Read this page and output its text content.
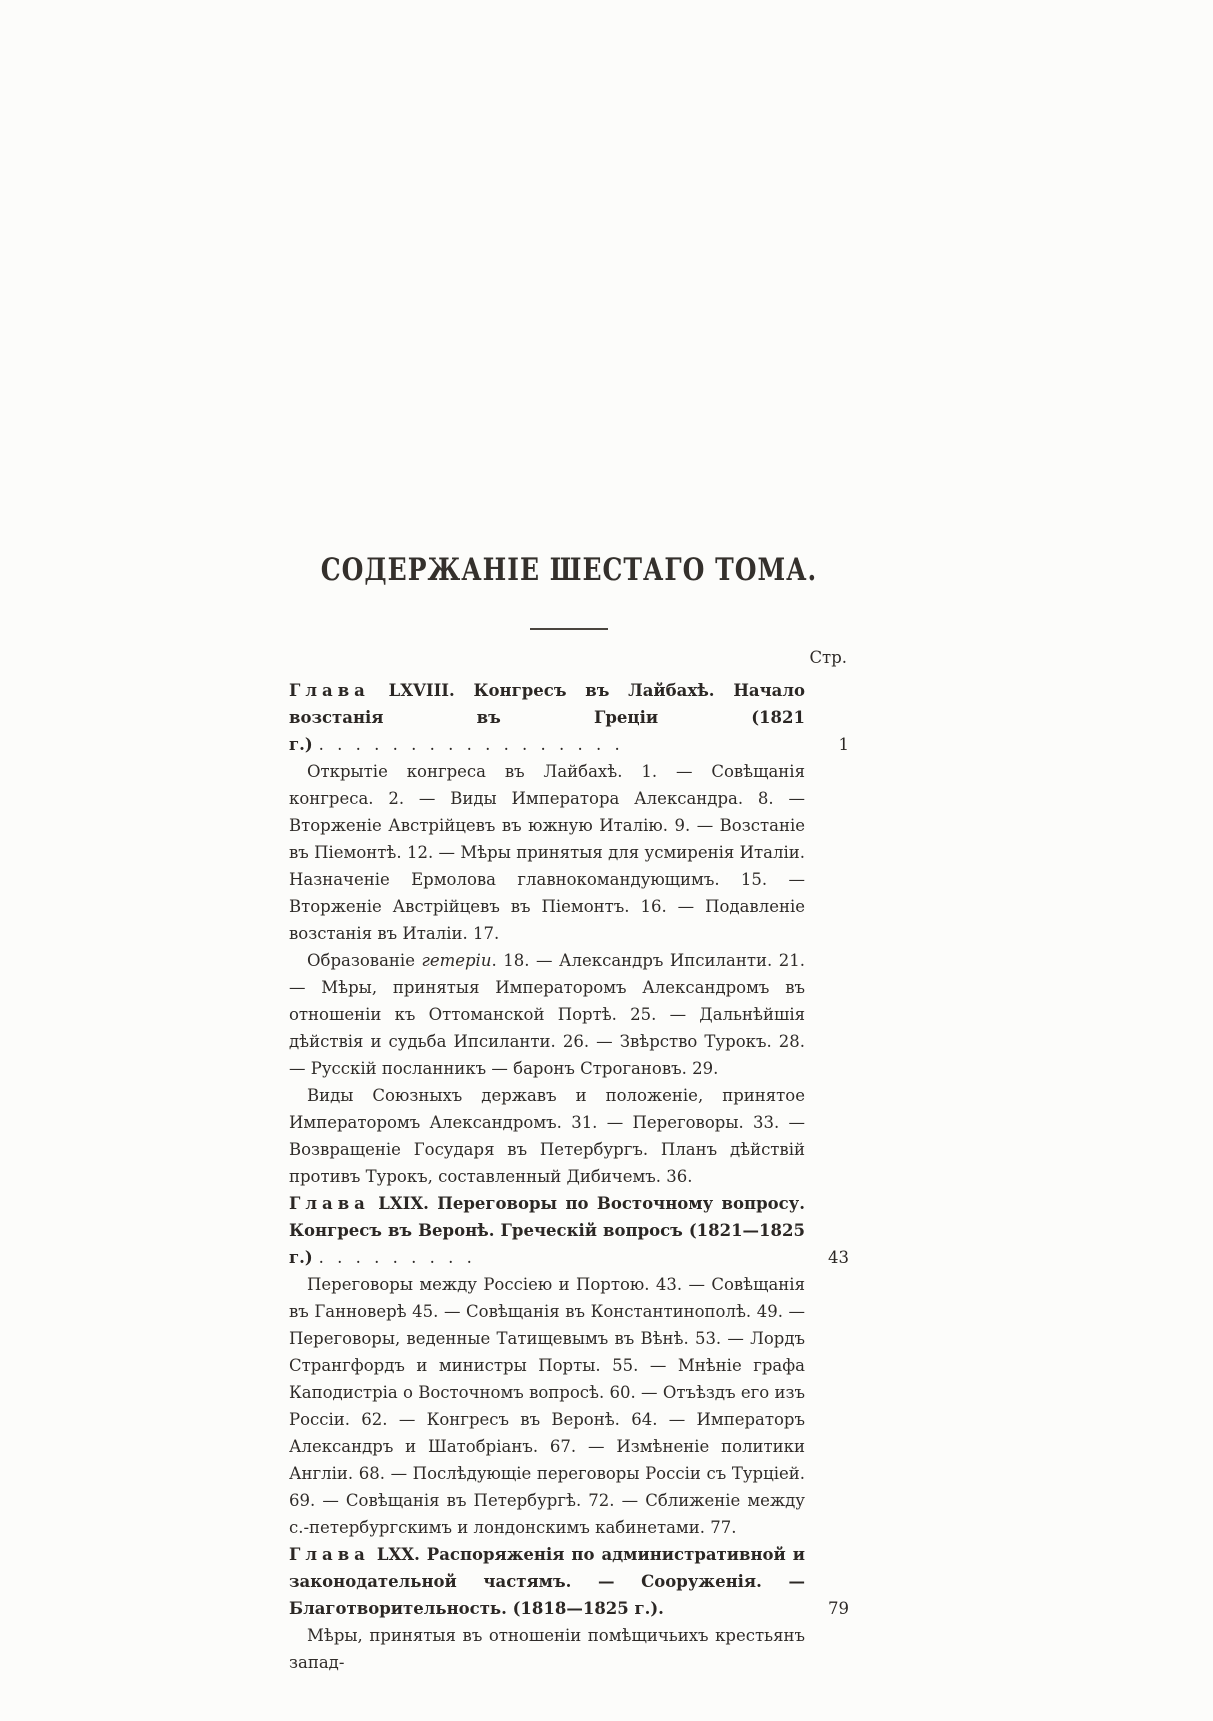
СОДЕРЖАНІЕ ШЕСТАГО ТОМА.
Стр.

Глава LXVIII. Конгресъ въ Лайбахѣ. Начало возстанія въ Греціи (1821 г.) . . . . . . . . . . . . . . . . .	1

Открытіе конгреса въ Лайбахѣ. 1. — Совѣщанія конгреса. 2. — Виды Императора Александра. 8. — Вторженіе Австрійцевъ въ южную Италію. 9. — Возстаніе въ Піемонтѣ. 12. — Мѣры принятыя для усмиренія Италіи. Назначеніе Ермолова главнокомандующимъ. 15. — Вторженіе Австрійцевъ въ Піемонтъ. 16. — Подавленіе возстанія въ Италіи. 17.

Образованіе гетеріи. 18. — Александръ Ипсиланти. 21. — Мѣры, принятыя Императоромъ Александромъ въ отношеніи къ Оттоманской Портѣ. 25. — Дальнѣйшія дѣйствія и судьба Ипсиланти. 26. — Звѣрство Турокъ. 28. — Русскій посланникъ — баронъ Строгановъ. 29.

Виды Союзныхъ державъ и положеніе, принятое Императоромъ Александромъ. 31. — Переговоры. 33. — Возвращеніе Государя въ Петербургъ. Планъ дѣйствій противъ Турокъ, составленный Дибичемъ. 36.

Глава LXIX. Переговоры по Восточному вопросу. Конгресъ въ Веронѣ. Греческій вопросъ (1821—1825 г.) . . . . . . . . .	43

Переговоры между Россіею и Портою. 43. — Совѣщанія въ Ганноверѣ 45. — Совѣщанія въ Константинополѣ. 49. — Переговоры, веденные Татищевымъ въ Вѣнѣ. 53. — Лордъ Странгфордъ и министры Порты. 55. — Мнѣніе графа Каподистріа о Восточномъ вопросѣ. 60. — Отъѣздъ его изъ Россіи. 62. — Конгресъ въ Веронѣ. 64. — Императоръ Александръ и Шатобріанъ. 67. — Измѣненіе политики Англіи. 68. — Послѣдующіе переговоры Россіи съ Турціей. 69. — Совѣщанія въ Петербургѣ. 72. — Сближеніе между с.-петербургскимъ и лондонскимъ кабинетами. 77.

Глава LXX. Распоряженія по административной и законодательной частямъ. — Сооруженія. — Благотворительность. (1818—1825 г.).	79

Мѣры, принятыя въ отношеніи помѣщичьихъ крестьянъ запад-
